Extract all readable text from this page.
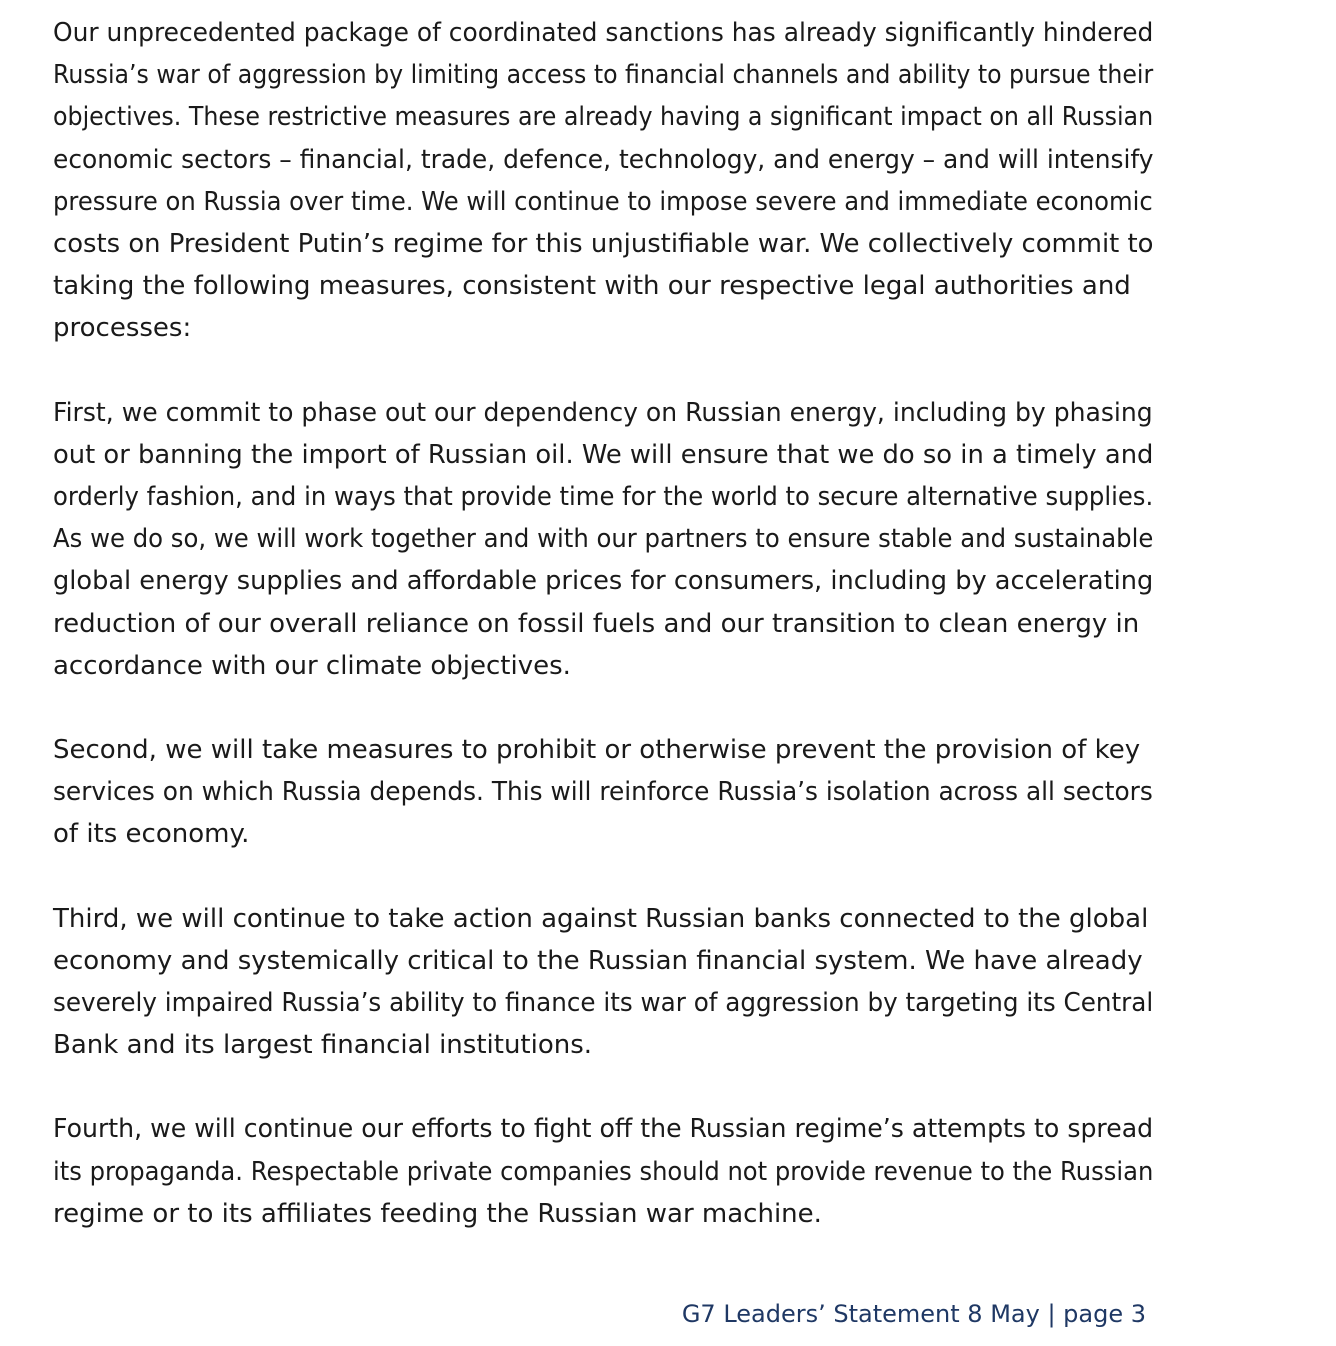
Our unprecedented package of coordinated sanctions has already significantly hindered
Russia’s war of aggression by limiting access to financial channels and ability to pursue their
objectives. These restrictive measures are already having a significant impact on all Russian
economic sectors – financial, trade, defence, technology, and energy – and will intensify
pressure on Russia over time. We will continue to impose severe and immediate economic
costs on President Putin’s regime for this unjustifiable war. We collectively commit to
taking the following measures, consistent with our respective legal authorities and
processes:

First, we commit to phase out our dependency on Russian energy, including by phasing
out or banning the import of Russian oil. We will ensure that we do so in a timely and
orderly fashion, and in ways that provide time for the world to secure alternative supplies.
As we do so, we will work together and with our partners to ensure stable and sustainable
global energy supplies and affordable prices for consumers, including by accelerating
reduction of our overall reliance on fossil fuels and our transition to clean energy in
accordance with our climate objectives.

Second, we will take measures to prohibit or otherwise prevent the provision of key
services on which Russia depends. This will reinforce Russia’s isolation across all sectors
of its economy.

Third, we will continue to take action against Russian banks connected to the global
economy and systemically critical to the Russian financial system. We have already
severely impaired Russia’s ability to finance its war of aggression by targeting its Central
Bank and its largest financial institutions.

Fourth, we will continue our efforts to fight off the Russian regime’s attempts to spread
its propaganda. Respectable private companies should not provide revenue to the Russian
regime or to its affiliates feeding the Russian war machine.

G7 Leaders’ Statement 8 May | page 3
